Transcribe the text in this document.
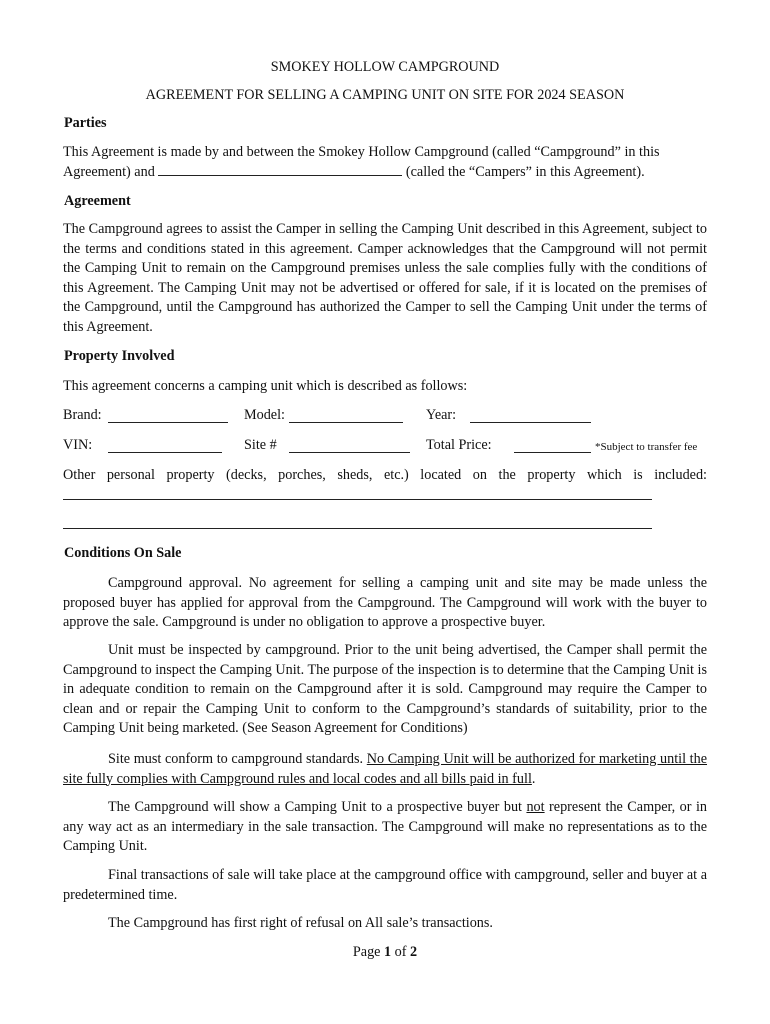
SMOKEY HOLLOW CAMPGROUND
AGREEMENT FOR SELLING A CAMPING UNIT ON SITE FOR 2024 SEASON
Parties
This Agreement is made by and between the Smokey Hollow Campground (called “Campground” in this
Agreement) and	(called the “Campers” in this Agreement).
Agreement
The Campground agrees to assist the Camper in selling the Camping Unit described in this Agreement, subject to the terms and conditions stated in this agreement. Camper acknowledges that the Campground will not permit the Camping Unit to remain on the Campground premises unless the sale complies fully with the conditions of this Agreement. The Camping Unit may not be advertised or offered for sale, if it is located on the premises of the Campground, until the Campground has authorized the Camper to sell the Camping Unit under the terms of this Agreement.
Property Involved
This agreement concerns a camping unit which is described as follows:
Brand:	Model:	Year:
VIN:	Site #	Total Price:	*Subject to transfer fee
Other personal property (decks, porches, sheds, etc.) located on the property which is included:
Conditions On Sale
Campground approval. No agreement for selling a camping unit and site may be made unless the proposed buyer has applied for approval from the Campground. The Campground will work with the buyer to approve the sale. Campground is under no obligation to approve a prospective buyer.
Unit must be inspected by campground. Prior to the unit being advertised, the Camper shall permit the Campground to inspect the Camping Unit. The purpose of the inspection is to determine that the Camping Unit is in adequate condition to remain on the Campground after it is sold. Campground may require the Camper to clean and or repair the Camping Unit to conform to the Campground’s standards of suitability, prior to the Camping Unit being marketed. (See Season Agreement for Conditions)
Site must conform to campground standards. No Camping Unit will be authorized for marketing until the site fully complies with Campground rules and local codes and all bills paid in full.
The Campground will show a Camping Unit to a prospective buyer but not represent the Camper, or in any way act as an intermediary in the sale transaction. The Campground will make no representations as to the Camping Unit.
Final transactions of sale will take place at the campground office with campground, seller and buyer at a predetermined time.
The Campground has first right of refusal on All sale’s transactions.
Page 1 of 2
